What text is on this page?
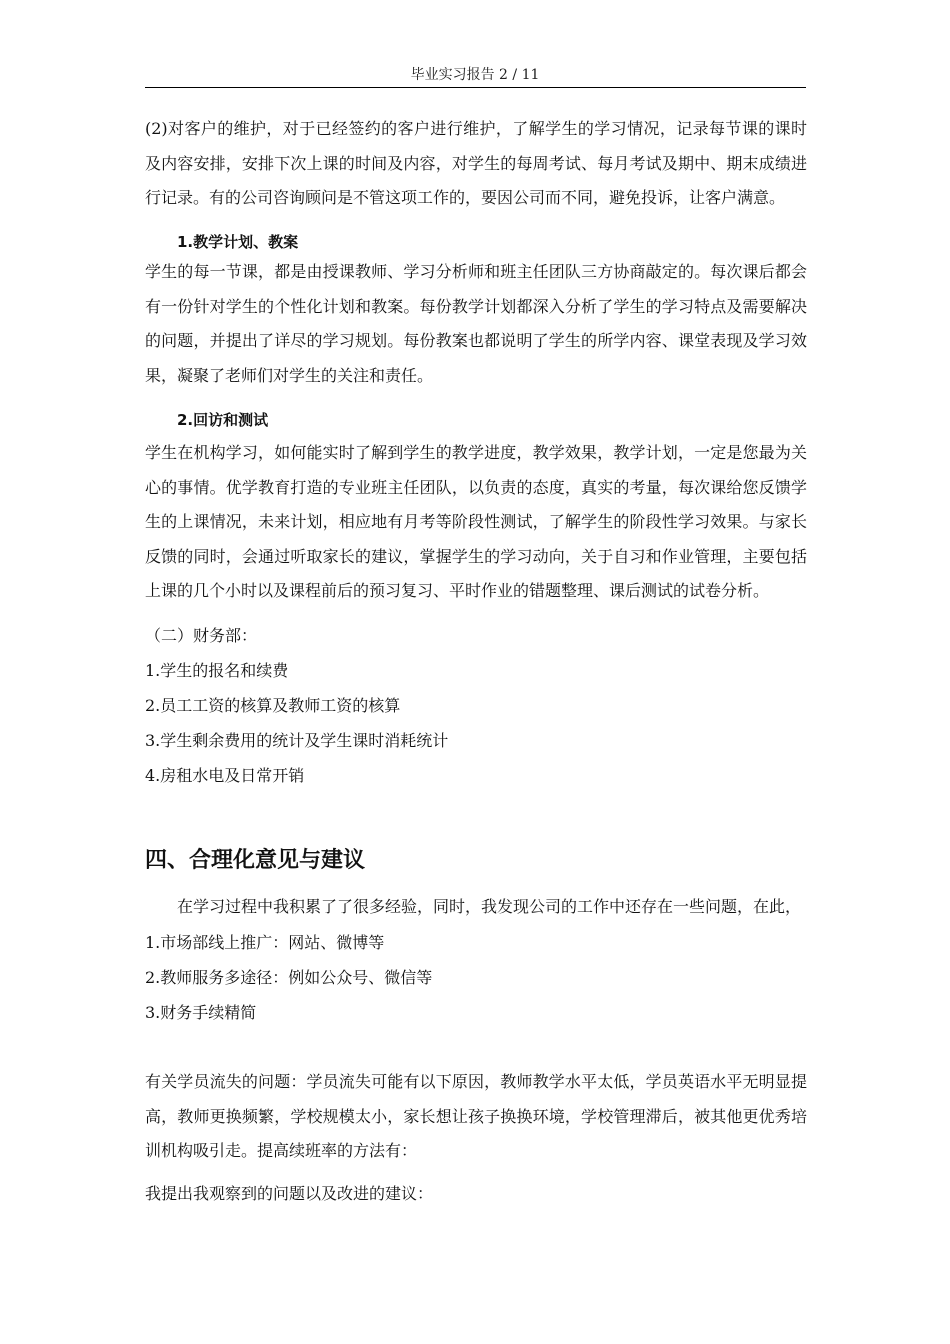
毕业实习报告 2 / 11

(2)对客户的维护，对于已经签约的客户进行维护，了解学生的学习情况，记录每节课的课时及内容安排，安排下次上课的时间及内容，对学生的每周考试、每月考试及期中、期末成绩进行记录。有的公司咨询顾问是不管这项工作的，要因公司而不同，避免投诉，让客户满意。

1.教学计划、教案

学生的每一节课，都是由授课教师、学习分析师和班主任团队三方协商敲定的。每次课后都会有一份针对学生的个性化计划和教案。每份教学计划都深入分析了学生的学习特点及需要解决的问题，并提出了详尽的学习规划。每份教案也都说明了学生的所学内容、课堂表现及学习效果，凝聚了老师们对学生的关注和责任。

2.回访和测试

学生在机构学习，如何能实时了解到学生的教学进度，教学效果，教学计划，一定是您最为关心的事情。优学教育打造的专业班主任团队，以负责的态度，真实的考量，每次课给您反馈学生的上课情况，未来计划，相应地有月考等阶段性测试，了解学生的阶段性学习效果。与家长反馈的同时，会通过听取家长的建议，掌握学生的学习动向，关于自习和作业管理，主要包括上课的几个小时以及课程前后的预习复习、平时作业的错题整理、课后测试的试卷分析。

（二）财务部：

1.学生的报名和续费

2.员工工资的核算及教师工资的核算

3.学生剩余费用的统计及学生课时消耗统计

4.房租水电及日常开销

四、合理化意见与建议

在学习过程中我积累了了很多经验，同时，我发现公司的工作中还存在一些问题，在此，

1.市场部线上推广：网站、微博等

2.教师服务多途径：例如公众号、微信等

3.财务手续精简

有关学员流失的问题：学员流失可能有以下原因，教师教学水平太低，学员英语水平无明显提高，教师更换频繁，学校规模太小，家长想让孩子换换环境，学校管理滞后，被其他更优秀培训机构吸引走。提高续班率的方法有：

我提出我观察到的问题以及改进的建议：
